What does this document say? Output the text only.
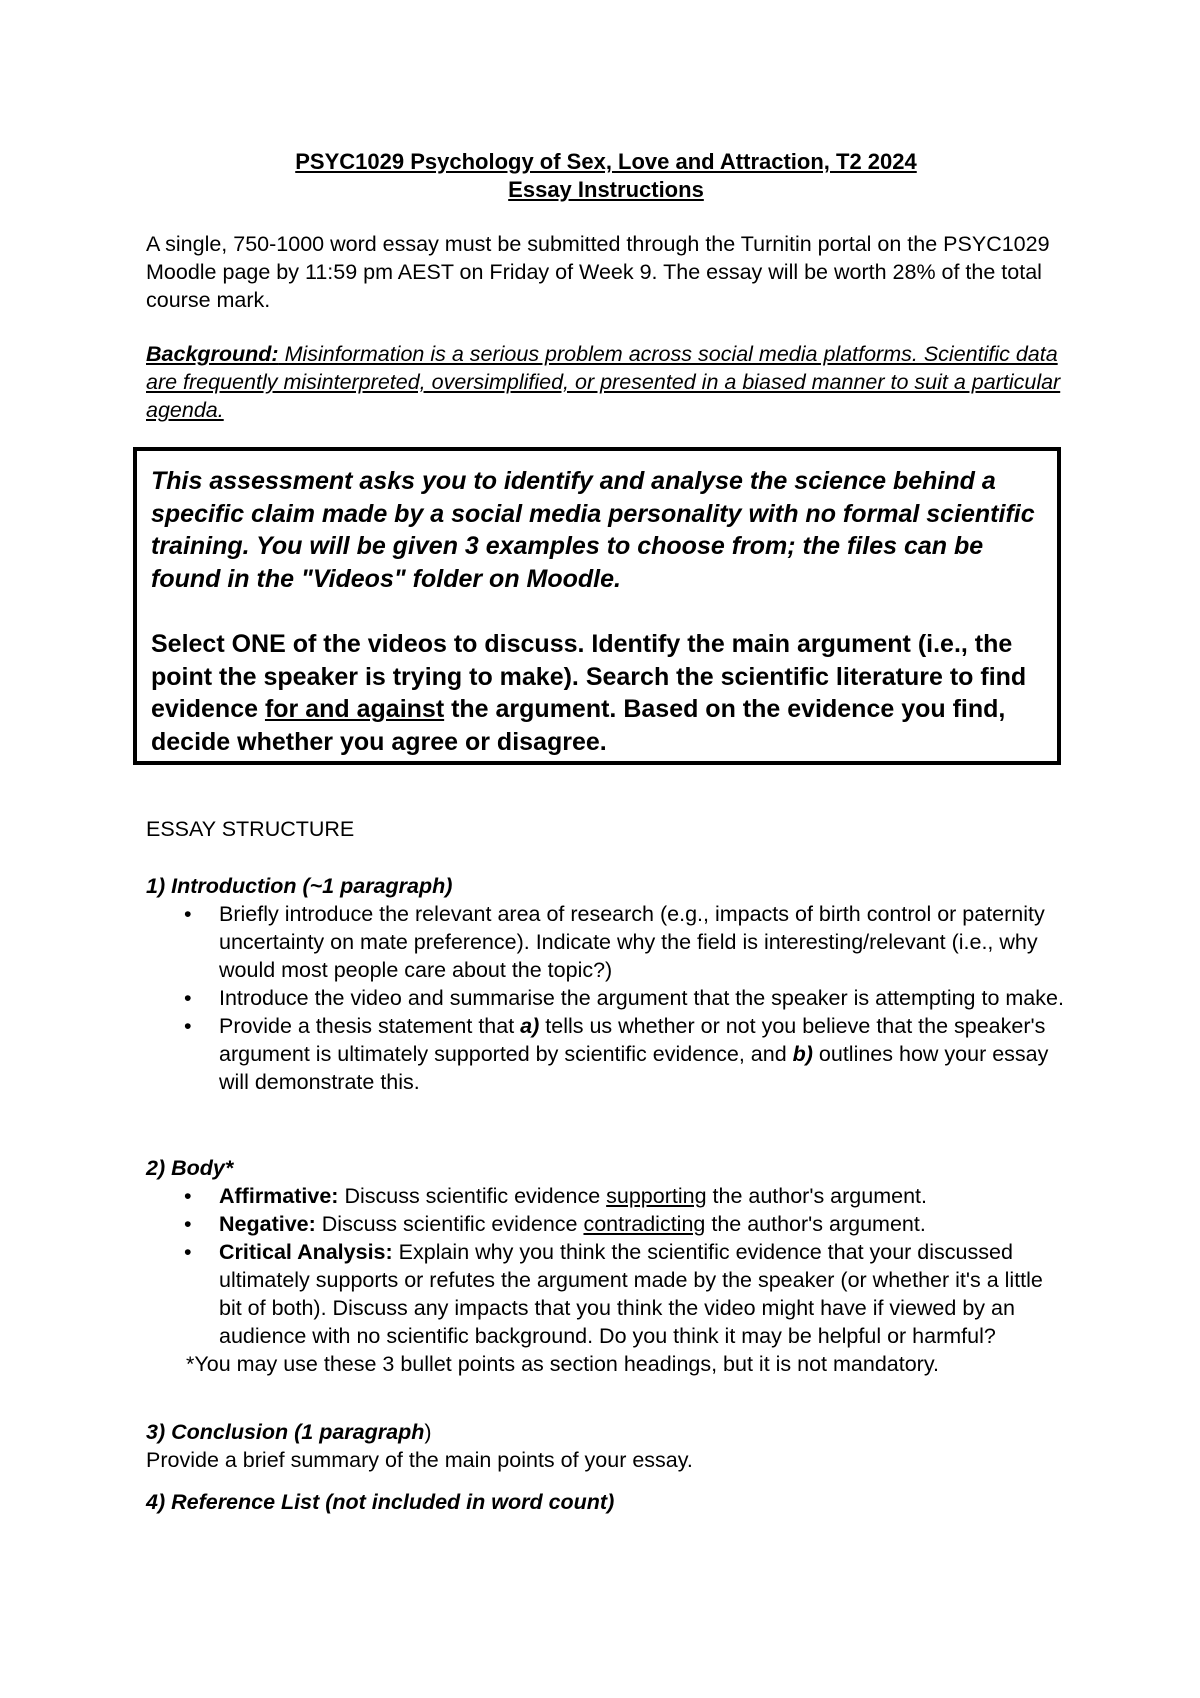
PSYC1029 Psychology of Sex, Love and Attraction, T2 2024
Essay Instructions
A single, 750-1000 word essay must be submitted through the Turnitin portal on the PSYC1029 Moodle page by 11:59 pm AEST on Friday of Week 9. The essay will be worth 28% of the total course mark.
Background: Misinformation is a serious problem across social media platforms. Scientific data are frequently misinterpreted, oversimplified, or presented in a biased manner to suit a particular agenda.
This assessment asks you to identify and analyse the science behind a specific claim made by a social media personality with no formal scientific training. You will be given 3 examples to choose from; the files can be found in the "Videos" folder on Moodle.
Select ONE of the videos to discuss. Identify the main argument (i.e., the point the speaker is trying to make). Search the scientific literature to find evidence for and against the argument. Based on the evidence you find, decide whether you agree or disagree.
ESSAY STRUCTURE
1) Introduction (~1 paragraph)
• Briefly introduce the relevant area of research (e.g., impacts of birth control or paternity uncertainty on mate preference). Indicate why the field is interesting/relevant (i.e., why would most people care about the topic?)
• Introduce the video and summarise the argument that the speaker is attempting to make.
• Provide a thesis statement that a) tells us whether or not you believe that the speaker's argument is ultimately supported by scientific evidence, and b) outlines how your essay will demonstrate this.
2) Body*
• Affirmative: Discuss scientific evidence supporting the author's argument.
• Negative: Discuss scientific evidence contradicting the author's argument.
• Critical Analysis: Explain why you think the scientific evidence that your discussed ultimately supports or refutes the argument made by the speaker (or whether it's a little bit of both). Discuss any impacts that you think the video might have if viewed by an audience with no scientific background. Do you think it may be helpful or harmful?
*You may use these 3 bullet points as section headings, but it is not mandatory.
3) Conclusion (1 paragraph)
Provide a brief summary of the main points of your essay.
4) Reference List (not included in word count)
